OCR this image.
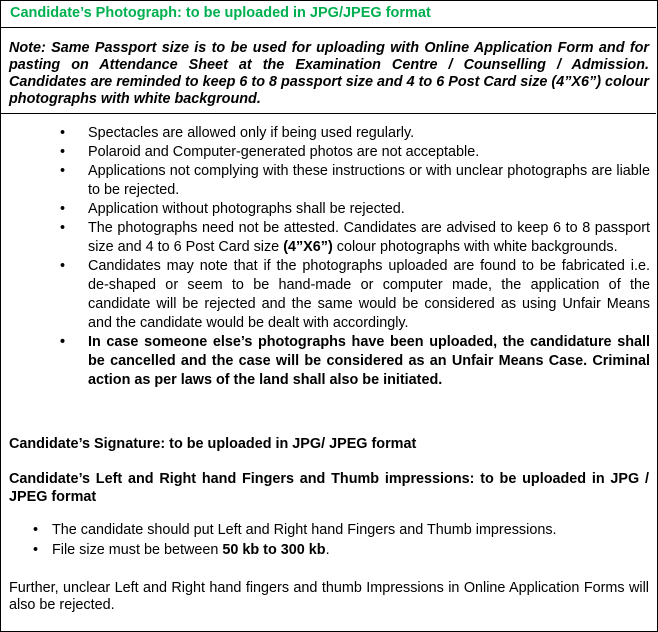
Candidate’s Photograph: to be uploaded in JPG/JPEG format
Note: Same Passport size is to be used for uploading with Online Application Form and for pasting on Attendance Sheet at the Examination Centre / Counselling / Admission. Candidates are reminded to keep 6 to 8 passport size and 4 to 6 Post Card size (4”X6”) colour photographs with white background.
• Spectacles are allowed only if being used regularly.
• Polaroid and Computer-generated photos are not acceptable.
• Applications not complying with these instructions or with unclear photographs are liable to be rejected.
• Application without photographs shall be rejected.
• The photographs need not be attested. Candidates are advised to keep 6 to 8 passport size and 4 to 6 Post Card size (4”X6”) colour photographs with white backgrounds.
• Candidates may note that if the photographs uploaded are found to be fabricated i.e. de-shaped or seem to be hand-made or computer made, the application of the candidate will be rejected and the same would be considered as using Unfair Means and the candidate would be dealt with accordingly.
• In case someone else’s photographs have been uploaded, the candidature shall be cancelled and the case will be considered as an Unfair Means Case. Criminal action as per laws of the land shall also be initiated.
Candidate’s Signature: to be uploaded in JPG/ JPEG format
Candidate’s Left and Right hand Fingers and Thumb impressions: to be uploaded in JPG / JPEG format
• The candidate should put Left and Right hand Fingers and Thumb impressions.
• File size must be between 50 kb to 300 kb.
Further, unclear Left and Right hand fingers and thumb Impressions in Online Application Forms will also be rejected.
